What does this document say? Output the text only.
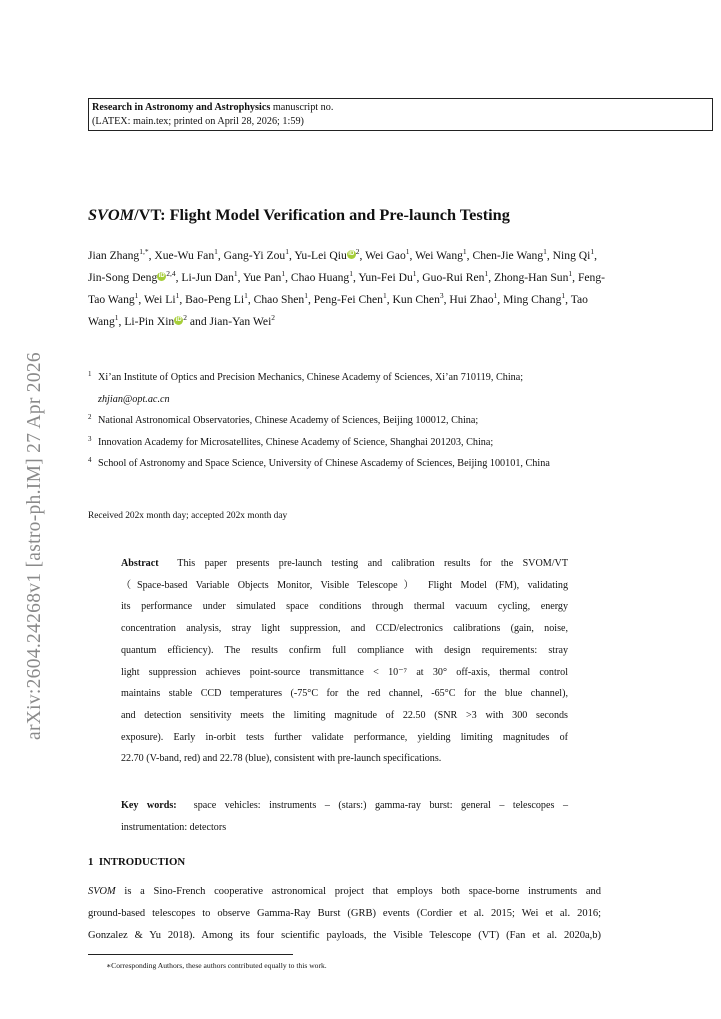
Research in Astronomy and Astrophysics manuscript no.
(LATEX: main.tex; printed on April 28, 2026; 1:59)
arXiv:2604.24268v1 [astro-ph.IM] 27 Apr 2026
SVOM/VT: Flight Model Verification and Pre-launch Testing
Jian Zhang$^{1,*}$, Xue-Wu Fan$^1$, Gang-Yi Zou$^1$, Yu-Lei Qiu iD $^2$, Wei Gao$^1$, Wei Wang$^1$, Chen-Jie Wang$^1$, Ning Qi$^1$, Jin-Song Deng iD $^{2,4}$, Li-Jun Dan$^1$, Yue Pan$^1$, Chao Huang$^1$, Yun-Fei Du$^1$, Guo-Rui Ren$^1$, Zhong-Han Sun$^1$, Feng-Tao Wang$^1$, Wei Li$^1$, Bao-Peng Li$^1$, Chao Shen$^1$, Peng-Fei Chen$^1$, Kun Chen$^3$, Hui Zhao$^1$, Ming Chang$^1$, Tao Wang$^1$, Li-Pin Xin iD $^2$ and Jian-Yan Wei$^2$
1 Xi’an Institute of Optics and Precision Mechanics, Chinese Academy of Sciences, Xi’an 710119, China;
zhjian@opt.ac.cn
2 National Astronomical Observatories, Chinese Academy of Sciences, Beijing 100012, China;
3 Innovation Academy for Microsatellites, Chinese Academy of Science, Shanghai 201203, China;
4 School of Astronomy and Space Science, University of Chinese Ascademy of Sciences, Beijing 100101, China
Received 202x month day; accepted 202x month day
Abstract This paper presents pre-launch testing and calibration results for the SVOM/VT
（Space-based Variable Objects Monitor, Visible Telescope） Flight Model (FM), validating
its performance under simulated space conditions through thermal vacuum cycling, energy
concentration analysis, stray light suppression, and CCD/electronics calibrations (gain, noise,
quantum efficiency). The results confirm full compliance with design requirements: stray
light suppression achieves point-source transmittance < 10⁻⁷ at 30° off-axis, thermal control
maintains stable CCD temperatures (-75°C for the red channel, -65°C for the blue channel),
and detection sensitivity meets the limiting magnitude of 22.50 (SNR >3 with 300 seconds
exposure). Early in-orbit tests further validate performance, yielding limiting magnitudes of
22.70 (V-band, red) and 22.78 (blue), consistent with pre-launch specifications.
Key words: space vehicles: instruments – (stars:) gamma-ray burst: general – telescopes –
instrumentation: detectors
1 INTRODUCTION
SVOM is a Sino-French cooperative astronomical project that employs both space-borne instruments and
ground-based telescopes to observe Gamma-Ray Burst (GRB) events (Cordier et al. 2015; Wei et al. 2016;
Gonzalez & Yu 2018). Among its four scientific payloads, the Visible Telescope (VT) (Fan et al. 2020a,b)
∗Corresponding Authors, these authors contributed equally to this work.
